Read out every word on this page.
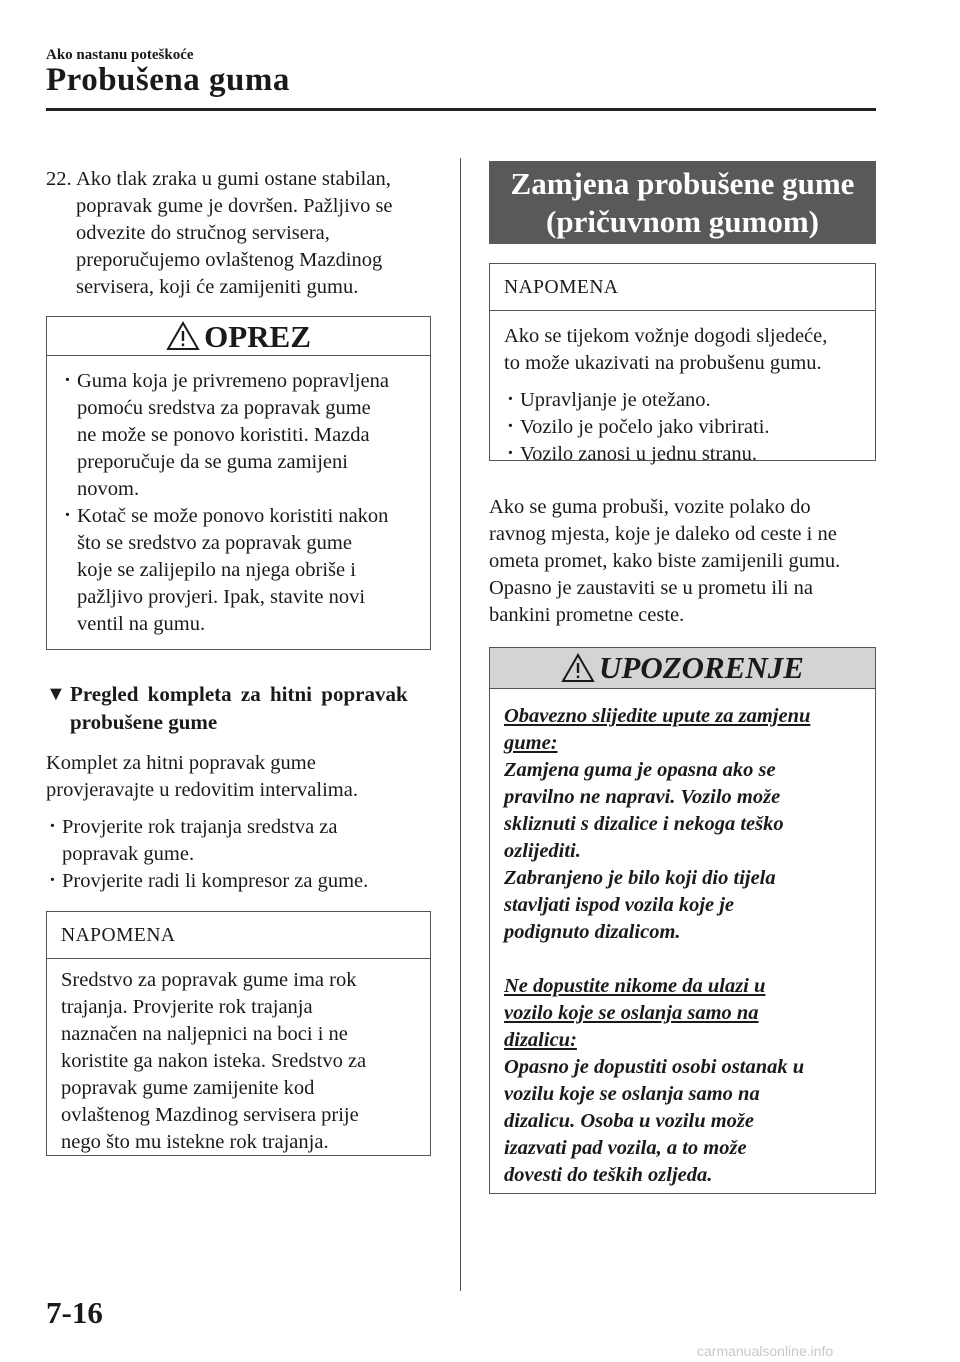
Ako nastanu poteškoće
Probušena guma
22. Ako tlak zraka u gumi ostane stabilan,
popravak gume je dovršen. Pažljivo se
odvezite do stručnog servisera,
preporučujemo ovlaštenog Mazdinog
servisera, koji će zamijeniti gumu.
OPREZ
· Guma koja je privremeno popravljena
pomoću sredstva za popravak gume
ne može se ponovo koristiti. Mazda
preporučuje da se guma zamijeni
novom.
· Kotač se može ponovo koristiti nakon
što se sredstvo za popravak gume
koje se zalijepilo na njega obriše i
pažljivo provjeri. Ipak, stavite novi
ventil na gumu.
▼ Pregled kompleta za hitni popravak
probušene gume
Komplet za hitni popravak gume
provjeravajte u redovitim intervalima.
· Provjerite rok trajanja sredstva za
popravak gume.
· Provjerite radi li kompresor za gume.
NAPOMENA
Sredstvo za popravak gume ima rok
trajanja. Provjerite rok trajanja
naznačen na naljepnici na boci i ne
koristite ga nakon isteka. Sredstvo za
popravak gume zamijenite kod
ovlaštenog Mazdinog servisera prije
nego što mu istekne rok trajanja.
Zamjena probušene gume
(pričuvnom gumom)
NAPOMENA
Ako se tijekom vožnje dogodi sljedeće,
to može ukazivati na probušenu gumu.
· Upravljanje je otežano.
· Vozilo je počelo jako vibrirati.
· Vozilo zanosi u jednu stranu.
Ako se guma probuši, vozite polako do
ravnog mjesta, koje je daleko od ceste i ne
ometa promet, kako biste zamijenili gumu.
Opasno je zaustaviti se u prometu ili na
bankini prometne ceste.
UPOZORENJE
Obavezno slijedite upute za zamjenu
gume:
Zamjena guma je opasna ako se
pravilno ne napravi. Vozilo može
skliznuti s dizalice i nekoga teško
ozlijediti.
Zabranjeno je bilo koji dio tijela
stavljati ispod vozila koje je
podignuto dizalicom.
Ne dopustite nikome da ulazi u
vozilo koje se oslanja samo na
dizalicu:
Opasno je dopustiti osobi ostanak u
vozilu koje se oslanja samo na
dizalicu. Osoba u vozilu može
izazvati pad vozila, a to može
dovesti do teških ozljeda.
7-16
carmanualsonline.info
